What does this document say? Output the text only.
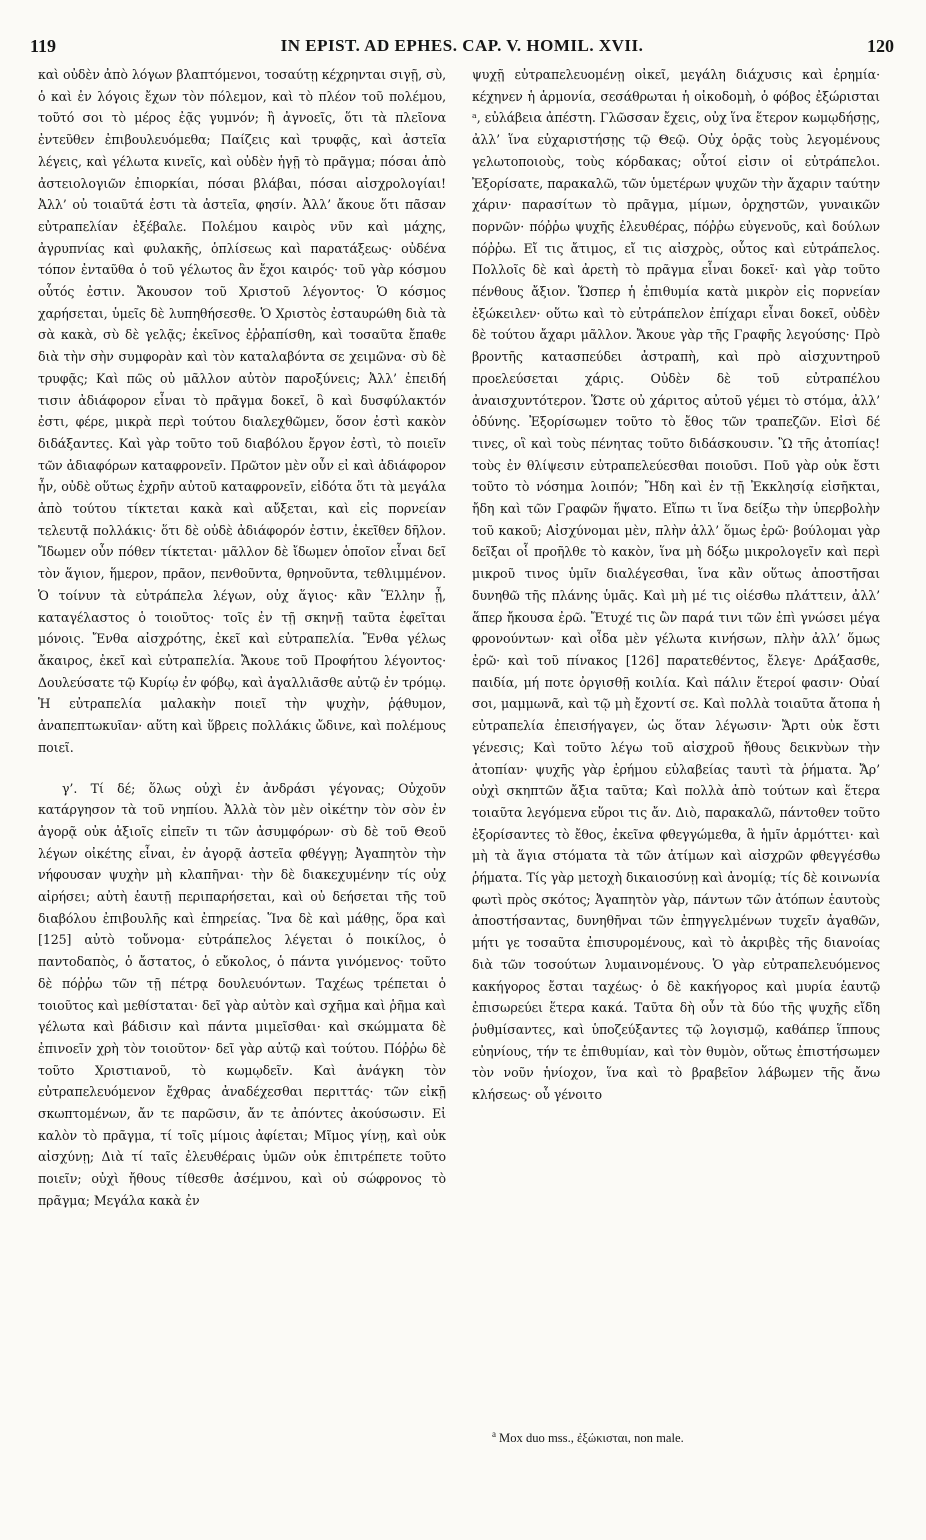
119	IN EPIST. AD EPHES. CAP. V. HOMIL. XVII.	120

καὶ οὐδὲν ἀπὸ λόγων βλαπτόμενοι, τοσαύτῃ κέχρηνται σιγῇ, σὺ, ὁ καὶ ἐν λόγοις ἔχων τὸν πόλεμον, καὶ τὸ πλέον τοῦ πολέμου, τοῦτό σοι τὸ μέρος ἐᾷς γυμνόν; ἢ ἀγνοεῖς, ὅτι τὰ πλεῖονα ἐντεῦθεν ἐπιβουλευόμεθα; Παίζεις καὶ τρυφᾷς, καὶ ἀστεῖα λέγεις, καὶ γέλωτα κινεῖς, καὶ οὐδὲν ἡγῇ τὸ πρᾶγμα; πόσαι ἀπὸ ἀστειολογιῶν ἐπιορκίαι, πόσαι βλάβαι, πόσαι αἰσχρολογίαι! Ἀλλ’ οὐ τοιαῦτά ἐστι τὰ ἀστεῖα, φησίν. Ἀλλ’ ἄκουε ὅτι πᾶσαν εὐτραπελίαν ἐξέβαλε. Πολέμου καιρὸς νῦν καὶ μάχης, ἀγρυπνίας καὶ φυλακῆς, ὁπλίσεως καὶ παρατάξεως· οὐδένα τόπον ἐνταῦθα ὁ τοῦ γέλωτος ἂν ἔχοι καιρός· τοῦ γὰρ κόσμου οὗτός ἐστιν. Ἄκουσον τοῦ Χριστοῦ λέγοντος· Ὁ κόσμος χαρήσεται, ὑμεῖς δὲ λυπηθήσεσθε. Ὁ Χριστὸς ἐσταυρώθη διὰ τὰ σὰ κακὰ, σὺ δὲ γελᾷς; ἐκεῖνος ἐῤῥαπίσθη, καὶ τοσαῦτα ἔπαθε διὰ τὴν σὴν συμφορὰν καὶ τὸν καταλαβόντα σε χειμῶνα· σὺ δὲ τρυφᾷς; Καὶ πῶς οὐ μᾶλλον αὐτὸν παροξύνεις; Ἀλλ’ ἐπειδή τισιν ἀδιάφορον εἶναι τὸ πρᾶγμα δοκεῖ, ὃ καὶ δυσφύλακτόν ἐστι, φέρε, μικρὰ περὶ τούτου διαλεχθῶμεν, ὅσον ἐστὶ κακὸν διδάξαντες. Καὶ γὰρ τοῦτο τοῦ διαβόλου ἔργον ἐστὶ, τὸ ποιεῖν τῶν ἀδιαφόρων καταφρονεῖν. Πρῶτον μὲν οὖν εἰ καὶ ἀδιάφορον ἦν, οὐδὲ οὕτως ἐχρῆν αὐτοῦ καταφρονεῖν, εἰδότα ὅτι τὰ μεγάλα ἀπὸ τούτου τίκτεται κακὰ καὶ αὔξεται, καὶ εἰς πορνείαν τελευτᾷ πολλάκις· ὅτι δὲ οὐδὲ ἀδιάφορόν ἐστιν, ἐκεῖθεν δῆλον. Ἴδωμεν οὖν πόθεν τίκτεται· μᾶλλον δὲ ἴδωμεν ὁποῖον εἶναι δεῖ τὸν ἅγιον, ἥμερον, πρᾶον, πενθοῦντα, θρηνοῦντα, τεθλιμμένον. Ὁ τοίνυν τὰ εὐτράπελα λέγων, οὐχ ἅγιος· κἂν Ἕλλην ᾖ, καταγέλαστος ὁ τοιοῦτος· τοῖς ἐν τῇ σκηνῇ ταῦτα ἐφεῖται μόνοις. Ἔνθα αἰσχρότης, ἐκεῖ καὶ εὐτραπελία. Ἔνθα γέλως ἄκαιρος, ἐκεῖ καὶ εὐτραπελία. Ἄκουε τοῦ Προφήτου λέγοντος· Δουλεύσατε τῷ Κυρίῳ ἐν φόβῳ, καὶ ἀγαλλιᾶσθε αὐτῷ ἐν τρόμῳ. Ἡ εὐτραπελία μαλακὴν ποιεῖ τὴν ψυχὴν, ῥᾴθυμον, ἀναπεπτωκυῖαν· αὕτη καὶ ὕβρεις πολλάκις ὤδινε, καὶ πολέμους ποιεῖ.

γ’. Τί δέ; ὅλως οὐχὶ ἐν ἀνδράσι γέγονας; Οὐχοῦν κατάργησον τὰ τοῦ νηπίου. Ἀλλὰ τὸν μὲν οἰκέτην τὸν σὸν ἐν ἀγορᾷ οὐκ ἀξιοῖς εἰπεῖν τι τῶν ἀσυμφόρων· σὺ δὲ τοῦ Θεοῦ λέγων οἰκέτης εἶναι, ἐν ἀγορᾷ ἀστεῖα φθέγγῃ; Ἀγαπητὸν τὴν νήφουσαν ψυχὴν μὴ κλαπῆναι· τὴν δὲ διακεχυμένην τίς οὐχ αἱρήσει; αὐτὴ ἑαυτῇ περιπαρήσεται, καὶ οὐ δεήσεται τῆς τοῦ διαβόλου ἐπιβουλῆς καὶ ἐπηρείας. Ἵνα δὲ καὶ μάθῃς, ὅρα καὶ [125] αὐτὸ τοὔνομα· εὐτράπελος λέγεται ὁ ποικίλος, ὁ παντοδαπὸς, ὁ ἄστατος, ὁ εὔκολος, ὁ πάντα γινόμενος· τοῦτο δὲ πόῤῥω τῶν τῇ πέτρᾳ δουλευόντων. Ταχέως τρέπεται ὁ τοιοῦτος καὶ μεθίσταται· δεῖ γὰρ αὐτὸν καὶ σχῆμα καὶ ῥῆμα καὶ γέλωτα καὶ βάδισιν καὶ πάντα μιμεῖσθαι· καὶ σκώμματα δὲ ἐπινοεῖν χρὴ τὸν τοιοῦτον· δεῖ γὰρ αὐτῷ καὶ τούτου. Πόῤῥω δὲ τοῦτο Χριστιανοῦ, τὸ κωμῳδεῖν. Καὶ ἀνάγκη τὸν εὐτραπελευόμενον ἔχθρας ἀναδέχεσθαι περιττάς· τῶν εἰκῇ σκωπτομένων, ἄν τε παρῶσιν, ἄν τε ἀπόντες ἀκούσωσιν. Εἰ καλὸν τὸ πρᾶγμα, τί τοῖς μίμοις ἀφίεται; Μῖμος γίνῃ, καὶ οὐκ αἰσχύνῃ; Διὰ τί ταῖς ἐλευθέραις ὑμῶν οὐκ ἐπιτρέπετε τοῦτο ποιεῖν; οὐχὶ ἤθους τίθεσθε ἀσέμνου, καὶ οὐ σώφρονος τὸ πρᾶγμα; Μεγάλα κακὰ ἐν

ψυχῇ εὐτραπελευομένῃ οἰκεῖ, μεγάλη διάχυσις καὶ ἐρημία· κέχηνεν ἡ ἁρμονία, σεσάθρωται ἡ οἰκοδομὴ, ὁ φόβος ἐξώρισται ᵃ, εὐλάβεια ἀπέστη. Γλῶσσαν ἔχεις, οὐχ ἵνα ἕτερον κωμῳδήσῃς, ἀλλ’ ἵνα εὐχαριστήσῃς τῷ Θεῷ. Οὐχ ὁρᾷς τοὺς λεγομένους γελωτοποιοὺς, τοὺς κόρδακας; οὗτοί εἰσιν οἱ εὐτράπελοι. Ἐξορίσατε, παρακαλῶ, τῶν ὑμετέρων ψυχῶν τὴν ἄχαριν ταύτην χάριν· παρασίτων τὸ πρᾶγμα, μίμων, ὀρχηστῶν, γυναικῶν πορνῶν· πόῤῥω ψυχῆς ἐλευθέρας, πόῤῥω εὐγενοῦς, καὶ δούλων πόῤῥω. Εἴ τις ἄτιμος, εἴ τις αἰσχρὸς, οὗτος καὶ εὐτράπελος. Πολλοῖς δὲ καὶ ἀρετὴ τὸ πρᾶγμα εἶναι δοκεῖ· καὶ γὰρ τοῦτο πένθους ἄξιον. Ὥσπερ ἡ ἐπιθυμία κατὰ μικρὸν εἰς πορνείαν ἐξώκειλεν· οὕτω καὶ τὸ εὐτράπελον ἐπίχαρι εἶναι δοκεῖ, οὐδὲν δὲ τούτου ἄχαρι μᾶλλον. Ἄκουε γὰρ τῆς Γραφῆς λεγούσης· Πρὸ βροντῆς κατασπεύδει ἀστραπὴ, καὶ πρὸ αἰσχυντηροῦ προελεύσεται χάρις. Οὐδὲν δὲ τοῦ εὐτραπέλου ἀναισχυντότερον. Ὥστε οὐ χάριτος αὐτοῦ γέμει τὸ στόμα, ἀλλ’ ὀδύνης. Ἐξορίσωμεν τοῦτο τὸ ἔθος τῶν τραπεζῶν. Εἰσὶ δέ τινες, οἳ καὶ τοὺς πένητας τοῦτο διδάσκουσιν. Ὢ τῆς ἀτοπίας! τοὺς ἐν θλίψεσιν εὐτραπελεύεσθαι ποιοῦσι. Ποῦ γὰρ οὐκ ἔστι τοῦτο τὸ νόσημα λοιπόν; Ἤδη καὶ ἐν τῇ Ἐκκλησίᾳ εἰσῆκται, ἤδη καὶ τῶν Γραφῶν ἥψατο. Εἴπω τι ἵνα δείξω τὴν ὑπερβολὴν τοῦ κακοῦ; Αἰσχύνομαι μὲν, πλὴν ἀλλ’ ὅμως ἐρῶ· βούλομαι γὰρ δεῖξαι οἷ προῆλθε τὸ κακὸν, ἵνα μὴ δόξω μικρολογεῖν καὶ περὶ μικροῦ τινος ὑμῖν διαλέγεσθαι, ἵνα κἂν οὕτως ἀποστῆσαι δυνηθῶ τῆς πλάνης ὑμᾶς. Καὶ μὴ μέ τις οἰέσθω πλάττειν, ἀλλ’ ἅπερ ἤκουσα ἐρῶ. Ἔτυχέ τις ὢν παρά τινι τῶν ἐπὶ γνώσει μέγα φρονούντων· καὶ οἶδα μὲν γέλωτα κινήσων, πλὴν ἀλλ’ ὅμως ἐρῶ· καὶ τοῦ πίνακος [126] παρατεθέντος, ἔλεγε· Δράξασθε, παιδία, μή ποτε ὀργισθῇ κοιλία. Καὶ πάλιν ἕτεροί φασιν· Οὐαί σοι, μαμμωνᾶ, καὶ τῷ μὴ ἔχοντί σε. Καὶ πολλὰ τοιαῦτα ἄτοπα ἡ εὐτραπελία ἐπεισήγαγεν, ὡς ὅταν λέγωσιν· Ἄρτι οὐκ ἔστι γένεσις; Καὶ τοῦτο λέγω τοῦ αἰσχροῦ ἤθους δεικνὺων τὴν ἀτοπίαν· ψυχῆς γὰρ ἐρήμου εὐλαβείας ταυτὶ τὰ ῥήματα. Ἄρ’ οὐχὶ σκηπτῶν ἄξια ταῦτα; Καὶ πολλὰ ἀπὸ τούτων καὶ ἕτερα τοιαῦτα λεγόμενα εὕροι τις ἄν. Διὸ, παρακαλῶ, πάντοθεν τοῦτο ἐξορίσαντες τὸ ἔθος, ἐκεῖνα φθεγγώμεθα, ἃ ἡμῖν ἁρμόττει· καὶ μὴ τὰ ἅγια στόματα τὰ τῶν ἀτίμων καὶ αἰσχρῶν φθεγγέσθω ῥήματα. Τίς γὰρ μετοχὴ δικαιοσύνῃ καὶ ἀνομίᾳ; τίς δὲ κοινωνία φωτὶ πρὸς σκότος; Ἀγαπητὸν γὰρ, πάντων τῶν ἀτόπων ἑαυτοὺς ἀποστήσαντας, δυνηθῆναι τῶν ἐπηγγελμένων τυχεῖν ἀγαθῶν, μήτι γε τοσαῦτα ἐπισυρομένους, καὶ τὸ ἀκριβὲς τῆς διανοίας διὰ τῶν τοσούτων λυμαινομένους. Ὁ γὰρ εὐτραπελευόμενος κακήγορος ἔσται ταχέως· ὁ δὲ κακήγορος καὶ μυρία ἑαυτῷ ἐπισωρεύει ἕτερα κακά. Ταῦτα δὴ οὖν τὰ δύο τῆς ψυχῆς εἴδη ῥυθμίσαντες, καὶ ὑποζεύξαντες τῷ λογισμῷ, καθάπερ ἵππους εὐηνίους, τήν τε ἐπιθυμίαν, καὶ τὸν θυμὸν, οὕτως ἐπιστήσωμεν τὸν νοῦν ἡνίοχον, ἵνα καὶ τὸ βραβεῖον λάβωμεν τῆς ἄνω κλήσεως· οὗ γένοιτο

$^a$ Mox duo mss., ἐξώκισται, non male.
